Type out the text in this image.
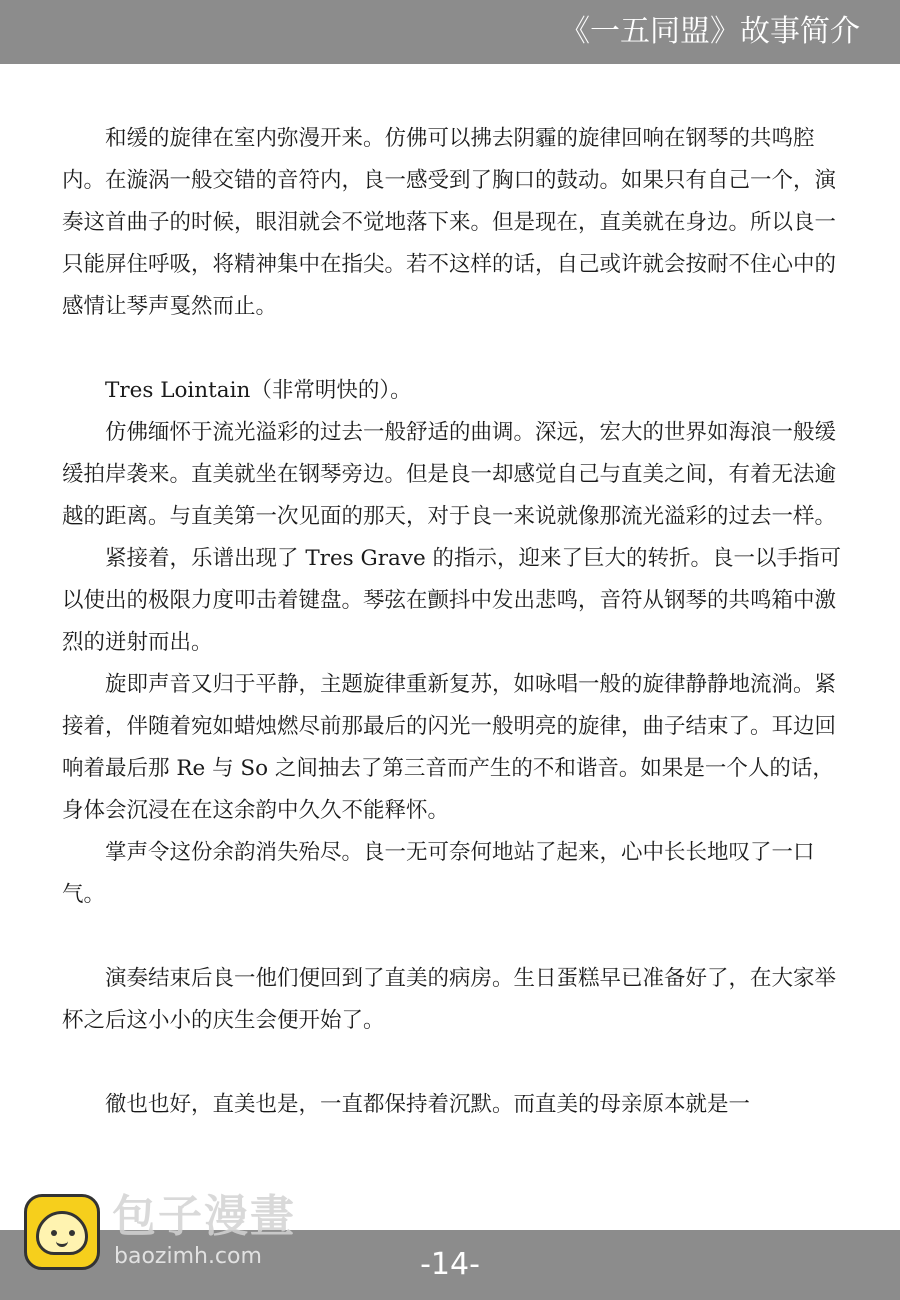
《一五同盟》故事简介

和缓的旋律在室内弥漫开来。仿佛可以拂去阴霾的旋律回响在钢琴的共鸣腔内。在漩涡一般交错的音符内，良一感受到了胸口的鼓动。如果只有自己一个，演奏这首曲子的时候，眼泪就会不觉地落下来。但是现在，直美就在身边。所以良一只能屏住呼吸，将精神集中在指尖。若不这样的话，自己或许就会按耐不住心中的感情让琴声戛然而止。

Tres Lointain（非常明快的）。

仿佛缅怀于流光溢彩的过去一般舒适的曲调。深远，宏大的世界如海浪一般缓缓拍岸袭来。直美就坐在钢琴旁边。但是良一却感觉自己与直美之间，有着无法逾越的距离。与直美第一次见面的那天，对于良一来说就像那流光溢彩的过去一样。

紧接着，乐谱出现了 Tres Grave 的指示，迎来了巨大的转折。良一以手指可以使出的极限力度叩击着键盘。琴弦在颤抖中发出悲鸣，音符从钢琴的共鸣箱中激烈的迸射而出。

旋即声音又归于平静，主题旋律重新复苏，如咏唱一般的旋律静静地流淌。紧接着，伴随着宛如蜡烛燃尽前那最后的闪光一般明亮的旋律，曲子结束了。耳边回响着最后那 Re 与 So 之间抽去了第三音而产生的不和谐音。如果是一个人的话，身体会沉浸在在这余韵中久久不能释怀。

掌声令这份余韵消失殆尽。良一无可奈何地站了起来，心中长长地叹了一口气。

演奏结束后良一他们便回到了直美的病房。生日蛋糕早已准备好了，在大家举杯之后这小小的庆生会便开始了。

徹也也好，直美也是，一直都保持着沉默。而直美的母亲原本就是一

-14-
包子漫畫
baozimh.com
